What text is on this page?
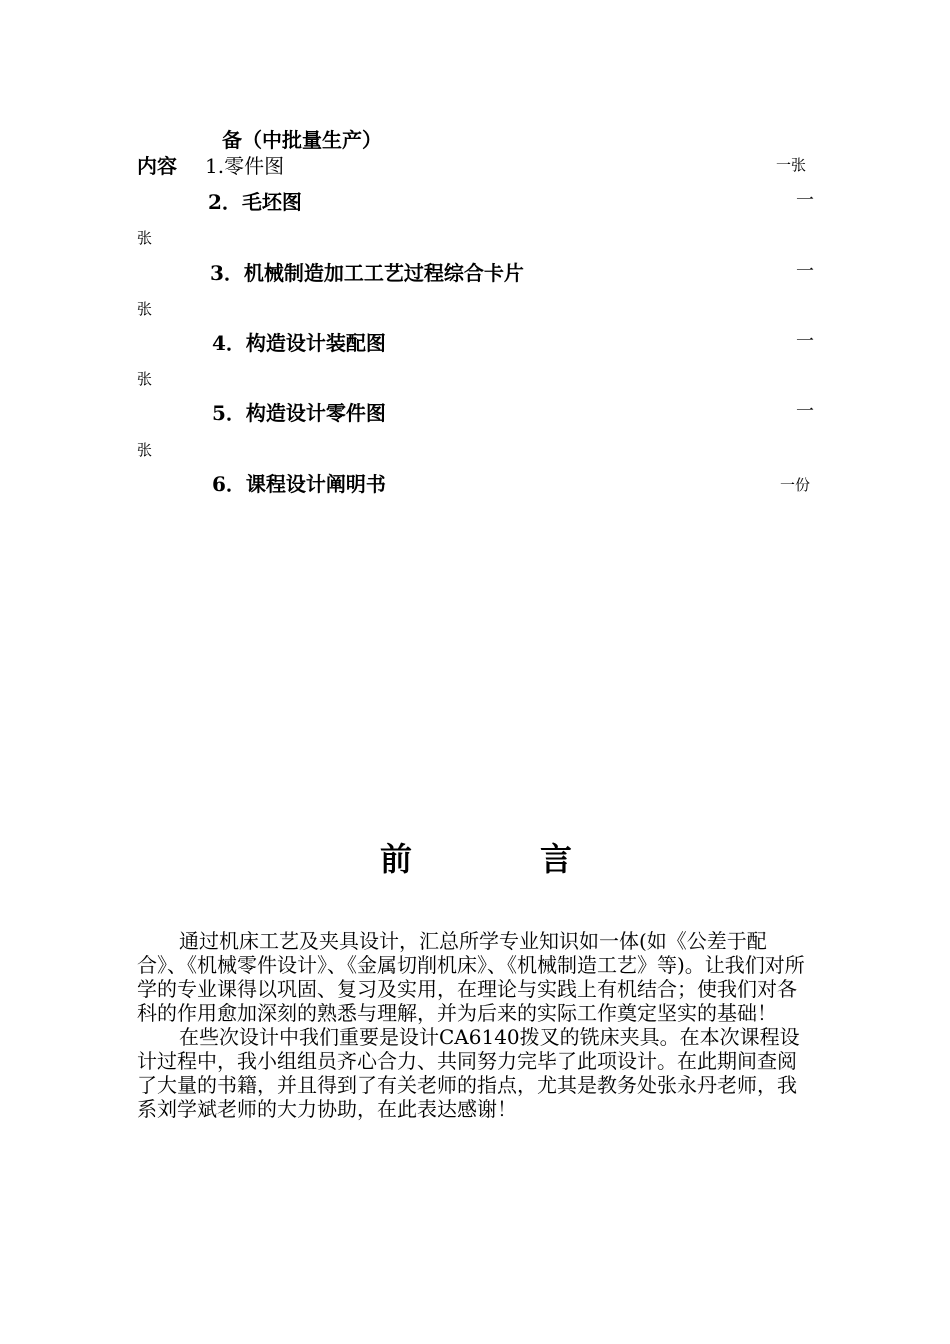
备（中批量生产）
内容 1.零件图	一张
2．毛坯图	一
张
3．机械制造加工工艺过程综合卡片	一
张
4．构造设计装配图	一
张
5．构造设计零件图	一
张
6．课程设计阐明书	一份
前	言

通过机床工艺及夹具设计，汇总所学专业知识如一体(如《公差于配合》、《机械零件设计》、《金属切削机床》、《机械制造工艺》等)。让我们对所学的专业课得以巩固、复习及实用，在理论与实践上有机结合；使我们对各科的作用愈加深刻的熟悉与理解，并为后来的实际工作奠定坚实的基础！

在些次设计中我们重要是设计CA6140拨叉的铣床夹具。在本次课程设计过程中，我小组组员齐心合力、共同努力完毕了此项设计。在此期间查阅了大量的书籍，并且得到了有关老师的指点，尤其是教务处张永丹老师，我系刘学斌老师的大力协助，在此表达感谢！
